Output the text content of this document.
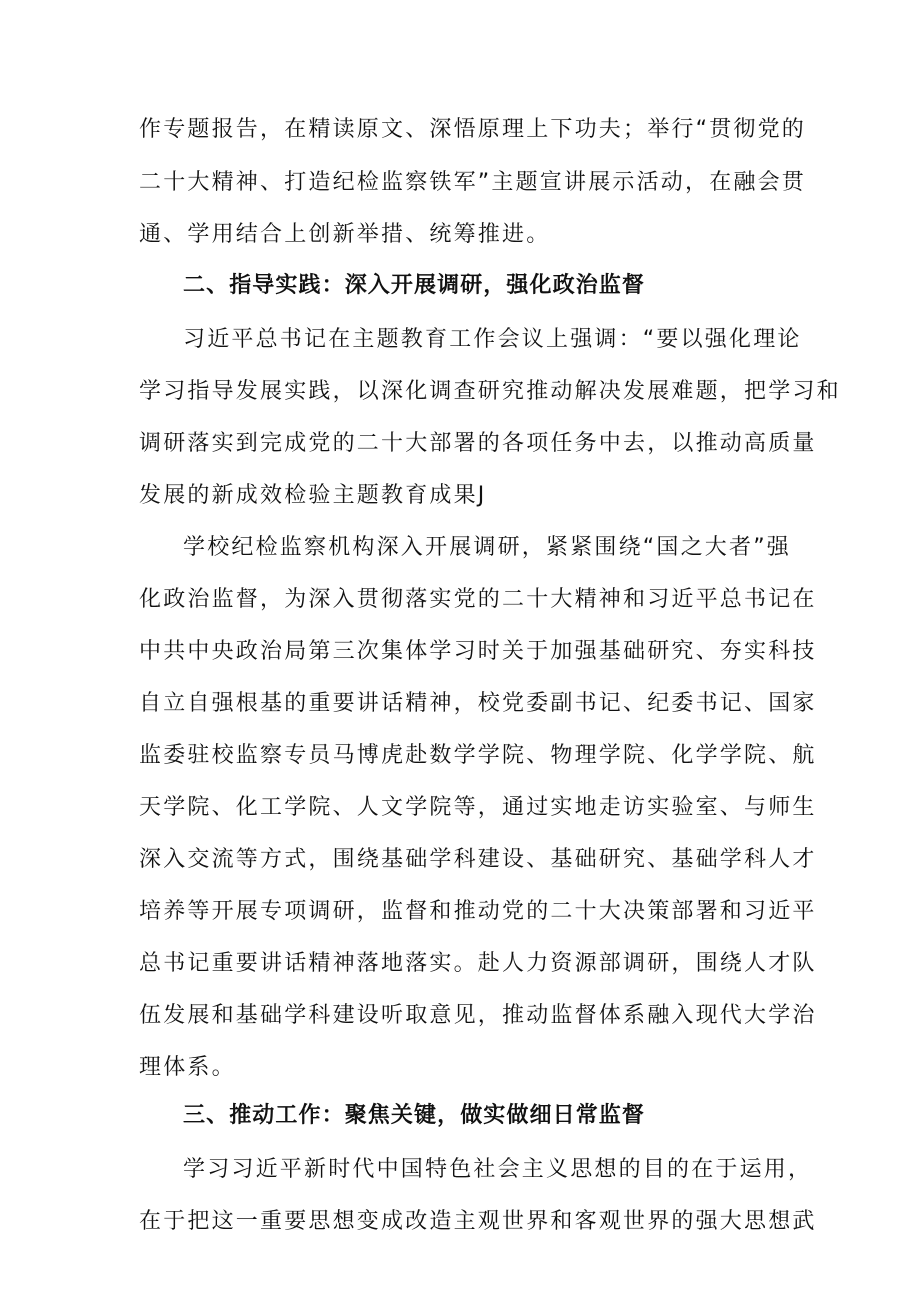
作专题报告，在精读原文、深悟原理上下功夫；举行“贯彻党的
二十大精神、打造纪检监察铁军”主题宣讲展示活动，在融会贯
通、学用结合上创新举措、统筹推进。
二、指导实践：深入开展调研，强化政治监督
习近平总书记在主题教育工作会议上强调：“要以强化理论
学习指导发展实践，以深化调查研究推动解决发展难题，把学习和
调研落实到完成党的二十大部署的各项任务中去，以推动高质量
发展的新成效检验主题教育成果J
学校纪检监察机构深入开展调研，紧紧围绕“国之大者”强
化政治监督，为深入贯彻落实党的二十大精神和习近平总书记在
中共中央政治局第三次集体学习时关于加强基础研究、夯实科技
自立自强根基的重要讲话精神，校党委副书记、纪委书记、国家
监委驻校监察专员马博虎赴数学学院、物理学院、化学学院、航
天学院、化工学院、人文学院等，通过实地走访实验室、与师生
深入交流等方式，围绕基础学科建设、基础研究、基础学科人才
培养等开展专项调研，监督和推动党的二十大决策部署和习近平
总书记重要讲话精神落地落实。赴人力资源部调研，围绕人才队
伍发展和基础学科建设听取意见，推动监督体系融入现代大学治
理体系。
三、推动工作：聚焦关键，做实做细日常监督
学习习近平新时代中国特色社会主义思想的目的在于运用，
在于把这一重要思想变成改造主观世界和客观世界的强大思想武
